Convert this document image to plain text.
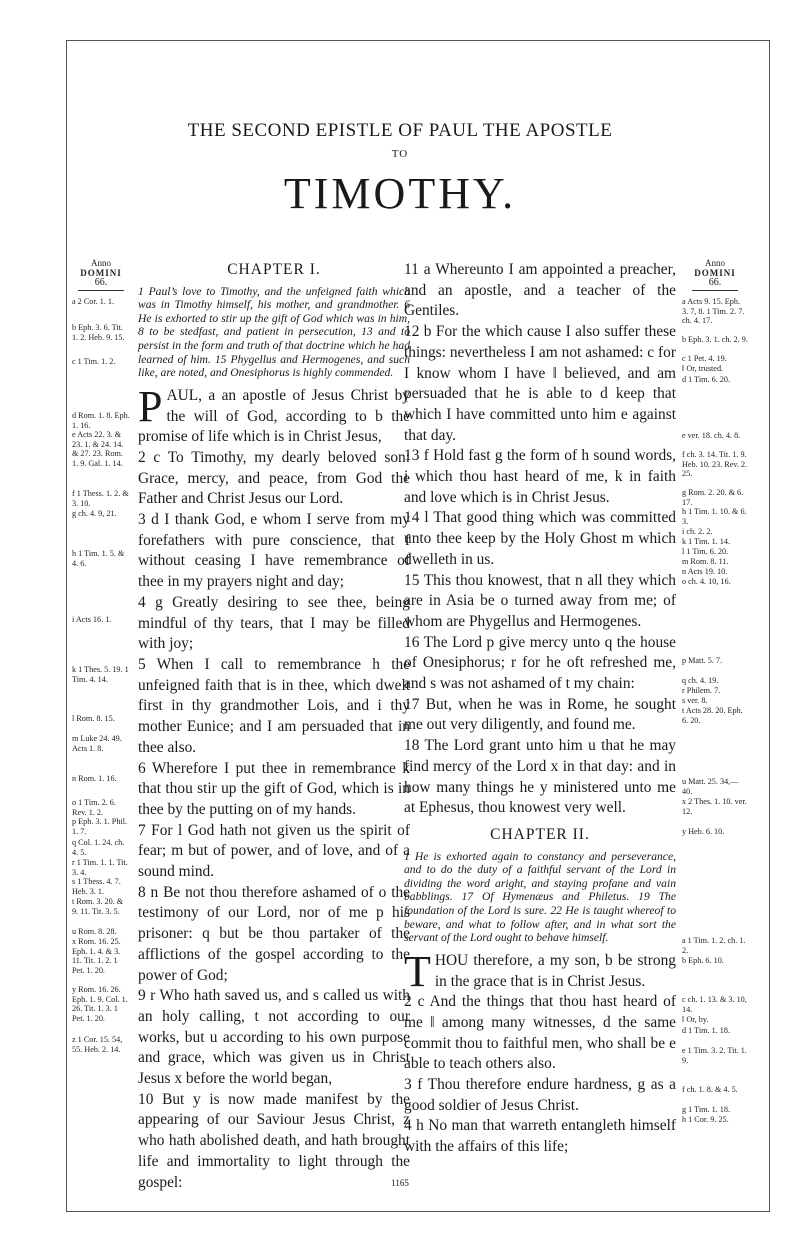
THE SECOND EPISTLE OF PAUL THE APOSTLE
TO
TIMOTHY.
Anno
DOMINI
66.
a 2 Cor. 1. 1.
b Eph. 3. 6. Tit. 1. 2. Heb. 9. 15.
c 1 Tim. 1. 2.
d Rom. 1. 8. Eph. 1. 16.
e Acts 22. 3. & 23. 1. & 24. 14. & 27. 23. Rom. 1. 9. Gal. 1. 14.
f 1 Thess. 1. 2. & 3. 10.
g ch. 4. 9, 21.
h 1 Tim. 1. 5. & 4. 6.
i Acts 16. 1.
k 1 Thes. 5. 19. 1 Tim. 4. 14.
l Rom. 8. 15.
m Luke 24. 49. Acts 1. 8.
n Rom. 1. 16.
o 1 Tim. 2. 6. Rev. 1. 2.
p Eph. 3. 1. Phil. 1. 7.
q Col. 1. 24. ch. 4. 5.
r 1 Tim. 1. 1. Tit. 3. 4.
s 1 Thess. 4. 7. Heb. 3. 1.
t Rom. 3. 20. & 9. 11. Tit. 3. 5.
u Rom. 8. 28.
x Rom. 16. 25. Eph. 1. 4. & 3. 11. Tit. 1. 2. 1 Pet. 1. 20.
y Rom. 16. 26. Eph. 1. 9. Col. 1. 26. Tit. 1. 3. 1 Pet. 1. 20.
z 1 Cor. 15. 54, 55. Heb. 2. 14.
Anno
DOMINI
66.
a Acts 9. 15. Eph. 3. 7, 8. 1 Tim. 2. 7. ch. 4. 17.
b Eph. 3. 1. ch. 2. 9.
c 1 Pet. 4. 19.
‖ Or, trusted.
d 1 Tim. 6. 20.
e ver. 18. ch. 4. 8.
f ch. 3. 14. Tit. 1. 9. Heb. 10. 23. Rev. 2. 25.
g Rom. 2. 20. & 6. 17.
h 1 Tim. 1. 10. & 6. 3.
i ch. 2. 2.
k 1 Tim. 1. 14.
l 1 Tim. 6. 20.
m Rom. 8. 11.
n Acts 19. 10.
o ch. 4. 10, 16.
p Matt. 5. 7.
q ch. 4. 19.
r Philem. 7.
s ver. 8.
t Acts 28. 20. Eph. 6. 20.
u Matt. 25. 34,—40.
x 2 Thes. 1. 10. ver. 12.
y Heb. 6. 10.
a 1 Tim. 1. 2. ch. 1. 2.
b Eph. 6. 10.
c ch. 1. 13. & 3. 10, 14.
‖ Or, by.
d 1 Tim. 1. 18.
e 1 Tim. 3. 2. Tit. 1. 9.
f ch. 1. 8. & 4. 5.
g 1 Tim. 1. 18.
h 1 Cor. 9. 25.
CHAPTER I.
1 Paul’s love to Timothy, and the unfeigned faith which was in Timothy himself, his mother, and grandmother. 6 He is exhorted to stir up the gift of God which was in him, 8 to be stedfast, and patient in persecution, 13 and to persist in the form and truth of that doctrine which he had learned of him. 15 Phygellus and Hermogenes, and such like, are noted, and Onesiphorus is highly commended.

PAUL, a an apostle of Jesus Christ by the will of God, according to b the promise of life which is in Christ Jesus,

2 c To Timothy, my dearly beloved son: Grace, mercy, and peace, from God the Father and Christ Jesus our Lord.

3 d I thank God, e whom I serve from my forefathers with pure conscience, that f without ceasing I have remembrance of thee in my prayers night and day;

4 g Greatly desiring to see thee, being mindful of thy tears, that I may be filled with joy;

5 When I call to remembrance h the unfeigned faith that is in thee, which dwelt first in thy grandmother Lois, and i thy mother Eunice; and I am persuaded that in thee also.

6 Wherefore I put thee in remembrance k that thou stir up the gift of God, which is in thee by the putting on of my hands.

7 For l God hath not given us the spirit of fear; m but of power, and of love, and of a sound mind.

8 n Be not thou therefore ashamed of o the testimony of our Lord, nor of me p his prisoner: q but be thou partaker of the afflictions of the gospel according to the power of God;

9 r Who hath saved us, and s called us with an holy calling, t not according to our works, but u according to his own purpose and grace, which was given us in Christ Jesus x before the world began,

10 But y is now made manifest by the appearing of our Saviour Jesus Christ, z who hath abolished death, and hath brought life and immortality to light through the gospel:

11 a Whereunto I am appointed a preacher, and an apostle, and a teacher of the Gentiles.

12 b For the which cause I also suffer these things: nevertheless I am not ashamed: c for I know whom I have ‖ believed, and am persuaded that he is able to d keep that which I have committed unto him e against that day.

13 f Hold fast g the form of h sound words, i which thou hast heard of me, k in faith and love which is in Christ Jesus.

14 l That good thing which was committed unto thee keep by the Holy Ghost m which dwelleth in us.

15 This thou knowest, that n all they which are in Asia be o turned away from me; of whom are Phygellus and Hermogenes.

16 The Lord p give mercy unto q the house of Onesiphorus; r for he oft refreshed me, and s was not ashamed of t my chain:

17 But, when he was in Rome, he sought me out very diligently, and found me.

18 The Lord grant unto him u that he may find mercy of the Lord x in that day: and in how many things he y ministered unto me at Ephesus, thou knowest very well.

CHAPTER II.
1 He is exhorted again to constancy and perseverance, and to do the duty of a faithful servant of the Lord in dividing the word aright, and staying profane and vain babblings. 17 Of Hymenæus and Philetus. 19 The foundation of the Lord is sure. 22 He is taught whereof to beware, and what to follow after, and in what sort the servant of the Lord ought to behave himself.

THOU therefore, a my son, b be strong in the grace that is in Christ Jesus.

2 c And the things that thou hast heard of me ‖ among many witnesses, d the same commit thou to faithful men, who shall be e able to teach others also.

3 f Thou therefore endure hardness, g as a good soldier of Jesus Christ.

4 h No man that warreth entangleth himself with the affairs of this life;

1165
